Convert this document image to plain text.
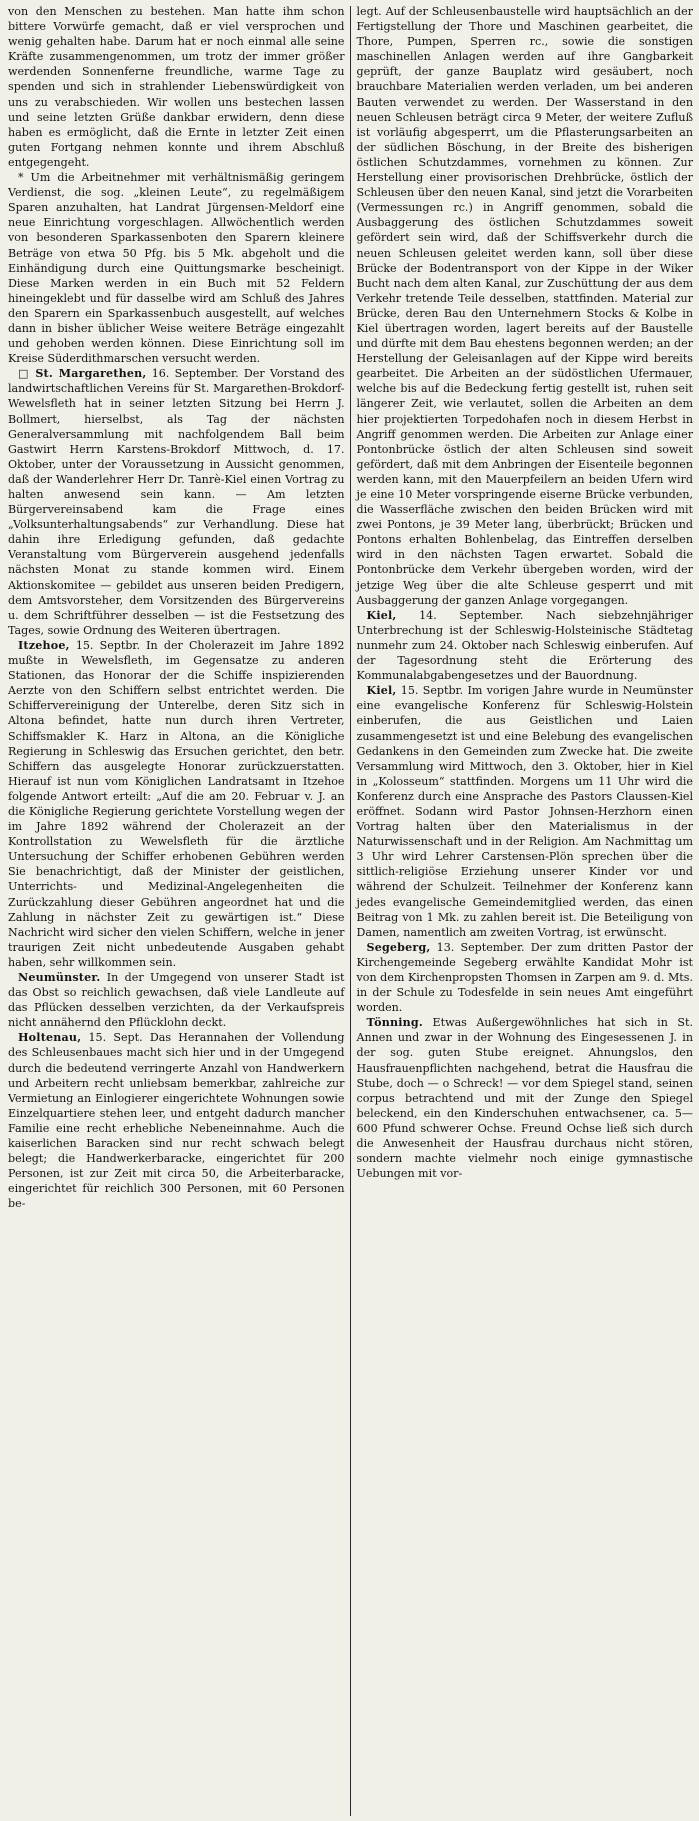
von den Menschen zu bestehen. Man hatte ihm schon bittere Vorwürfe gemacht, daß er viel versprochen und wenig gehalten habe. Darum hat er noch einmal alle seine Kräfte zusammengenommen, um trotz der immer größer werdenden Sonnenferne freundliche, warme Tage zu spenden und sich in strahlender Liebenswürdigkeit von uns zu verabschieden. Wir wollen uns bestechen lassen und seine letzten Grüße dankbar erwidern, denn diese haben es ermöglicht, daß die Ernte in letzter Zeit einen guten Fortgang nehmen konnte und ihrem Abschluß entgegengeht.

* Um die Arbeitnehmer mit verhältnismäßig geringem Verdienst, die sog. „kleinen Leute“, zu regelmäßigem Sparen anzuhalten, hat Landrat Jürgensen-Meldorf eine neue Einrichtung vorgeschlagen. Allwöchentlich werden von besonderen Sparkassenboten den Sparern kleinere Beträge von etwa 50 Pfg. bis 5 Mk. abgeholt und die Einhändigung durch eine Quittungsmarke bescheinigt. Diese Marken werden in ein Buch mit 52 Feldern hineingeklebt und für dasselbe wird am Schluß des Jahres den Sparern ein Sparkassenbuch ausgestellt, auf welches dann in bisher üblicher Weise weitere Beträge eingezahlt und gehoben werden können. Diese Einrichtung soll im Kreise Süderdithmarschen versucht werden.

□ St. Margarethen, 16. September. Der Vorstand des landwirtschaftlichen Vereins für St. Margarethen-Brokdorf-Wewelsfleth hat in seiner letzten Sitzung bei Herrn J. Bollmert, hierselbst, als Tag der nächsten Generalversammlung mit nachfolgendem Ball beim Gastwirt Herrn Karstens-Brokdorf Mittwoch, d. 17. Oktober, unter der Voraussetzung in Aussicht genommen, daß der Wanderlehrer Herr Dr. Tanrè-Kiel einen Vortrag zu halten anwesend sein kann. — Am letzten Bürgervereinsabend kam die Frage eines „Volksunterhaltungsabends“ zur Verhandlung. Diese hat dahin ihre Erledigung gefunden, daß gedachte Veranstaltung vom Bürgerverein ausgehend jedenfalls nächsten Monat zu stande kommen wird. Einem Aktionskomitee — gebildet aus unseren beiden Predigern, dem Amtsvorsteher, dem Vorsitzenden des Bürgervereins u. dem Schriftführer desselben — ist die Festsetzung des Tages, sowie Ordnung des Weiteren übertragen.

Itzehoe, 15. Septbr. In der Cholerazeit im Jahre 1892 mußte in Wewelsfleth, im Gegensatze zu anderen Stationen, das Honorar der die Schiffe inspizierenden Aerzte von den Schiffern selbst entrichtet werden. Die Schiffervereinigung der Unterelbe, deren Sitz sich in Altona befindet, hatte nun durch ihren Vertreter, Schiffsmakler K. Harz in Altona, an die Königliche Regierung in Schleswig das Ersuchen gerichtet, den betr. Schiffern das ausgelegte Honorar zurückzuerstatten. Hierauf ist nun vom Königlichen Landratsamt in Itzehoe folgende Antwort erteilt: „Auf die am 20. Februar v. J. an die Königliche Regierung gerichtete Vorstellung wegen der im Jahre 1892 während der Cholerazeit an der Kontrollstation zu Wewelsfleth für die ärztliche Untersuchung der Schiffer erhobenen Gebühren werden Sie benachrichtigt, daß der Minister der geistlichen, Unterrichts- und Medizinal-Angelegenheiten die Zurückzahlung dieser Gebühren angeordnet hat und die Zahlung in nächster Zeit zu gewärtigen ist.“ Diese Nachricht wird sicher den vielen Schiffern, welche in jener traurigen Zeit nicht unbedeutende Ausgaben gehabt haben, sehr willkommen sein.

Neumünster. In der Umgegend von unserer Stadt ist das Obst so reichlich gewachsen, daß viele Landleute auf das Pflücken desselben verzichten, da der Verkaufspreis nicht annähernd den Pflücklohn deckt.

Holtenau, 15. Sept. Das Herannahen der Vollendung des Schleusenbaues macht sich hier und in der Umgegend durch die bedeutend verringerte Anzahl von Handwerkern und Arbeitern recht unliebsam bemerkbar, zahlreiche zur Vermietung an Einlogierer eingerichtete Wohnungen sowie Einzelquartiere stehen leer, und entgeht dadurch mancher Familie eine recht erhebliche Nebeneinnahme. Auch die kaiserlichen Baracken sind nur recht schwach belegt belegt; die Handwerkerbaracke, eingerichtet für 200 Personen, ist zur Zeit mit circa 50, die Arbeiterbaracke, eingerichtet für reichlich 300 Personen, mit 60 Personen be-

legt. Auf der Schleusenbaustelle wird hauptsächlich an der Fertigstellung der Thore und Maschinen gearbeitet, die Thore, Pumpen, Sperren rc., sowie die sonstigen maschinellen Anlagen werden auf ihre Gangbarkeit geprüft, der ganze Bauplatz wird gesäubert, noch brauchbare Materialien werden verladen, um bei anderen Bauten verwendet zu werden. Der Wasserstand in den neuen Schleusen beträgt circa 9 Meter, der weitere Zufluß ist vorläufig abgesperrt, um die Pflasterungsarbeiten an der südlichen Böschung, in der Breite des bisherigen östlichen Schutzdammes, vornehmen zu können. Zur Herstellung einer provisorischen Drehbrücke, östlich der Schleusen über den neuen Kanal, sind jetzt die Vorarbeiten (Vermessungen rc.) in Angriff genommen, sobald die Ausbaggerung des östlichen Schutzdammes soweit gefördert sein wird, daß der Schiffsverkehr durch die neuen Schleusen geleitet werden kann, soll über diese Brücke der Bodentransport von der Kippe in der Wiker Bucht nach dem alten Kanal, zur Zuschüttung der aus dem Verkehr tretende Teile desselben, stattfinden. Material zur Brücke, deren Bau den Unternehmern Stocks & Kolbe in Kiel übertragen worden, lagert bereits auf der Baustelle und dürfte mit dem Bau ehestens begonnen werden; an der Herstellung der Geleisanlagen auf der Kippe wird bereits gearbeitet. Die Arbeiten an der südöstlichen Ufermauer, welche bis auf die Bedeckung fertig gestellt ist, ruhen seit längerer Zeit, wie verlautet, sollen die Arbeiten an dem hier projektierten Torpedohafen noch in diesem Herbst in Angriff genommen werden. Die Arbeiten zur Anlage einer Pontonbrücke östlich der alten Schleusen sind soweit gefördert, daß mit dem Anbringen der Eisenteile begonnen werden kann, mit den Mauerpfeilern an beiden Ufern wird je eine 10 Meter vorspringende eiserne Brücke verbunden, die Wasserfläche zwischen den beiden Brücken wird mit zwei Pontons, je 39 Meter lang, überbrückt; Brücken und Pontons erhalten Bohlenbelag, das Eintreffen derselben wird in den nächsten Tagen erwartet. Sobald die Pontonbrücke dem Verkehr übergeben worden, wird der jetzige Weg über die alte Schleuse gesperrt und mit Ausbaggerung der ganzen Anlage vorgegangen.

Kiel, 14. September. Nach siebzehnjähriger Unterbrechung ist der Schleswig-Holsteinische Städtetag nunmehr zum 24. Oktober nach Schleswig einberufen. Auf der Tagesordnung steht die Erörterung des Kommunalabgabengesetzes und der Bauordnung.

Kiel, 15. Septbr. Im vorigen Jahre wurde in Neumünster eine evangelische Konferenz für Schleswig-Holstein einberufen, die aus Geistlichen und Laien zusammengesetzt ist und eine Belebung des evangelischen Gedankens in den Gemeinden zum Zwecke hat. Die zweite Versammlung wird Mittwoch, den 3. Oktober, hier in Kiel in „Kolosseum“ stattfinden. Morgens um 11 Uhr wird die Konferenz durch eine Ansprache des Pastors Claussen-Kiel eröffnet. Sodann wird Pastor Johnsen-Herzhorn einen Vortrag halten über den Materialismus in der Naturwissenschaft und in der Religion. Am Nachmittag um 3 Uhr wird Lehrer Carstensen-Plön sprechen über die sittlich-religiöse Erziehung unserer Kinder vor und während der Schulzeit. Teilnehmer der Konferenz kann jedes evangelische Gemeindemitglied werden, das einen Beitrag von 1 Mk. zu zahlen bereit ist. Die Beteiligung von Damen, namentlich am zweiten Vortrag, ist erwünscht.

Segeberg, 13. September. Der zum dritten Pastor der Kirchengemeinde Segeberg erwählte Kandidat Mohr ist von dem Kirchenpropsten Thomsen in Zarpen am 9. d. Mts. in der Schule zu Todesfelde in sein neues Amt eingeführt worden.

Tönning. Etwas Außergewöhnliches hat sich in St. Annen und zwar in der Wohnung des Eingesessenen J. in der sog. guten Stube ereignet. Ahnungslos, den Hausfrauenpflichten nachgehend, betrat die Hausfrau die Stube, doch — o Schreck! — vor dem Spiegel stand, seinen corpus betrachtend und mit der Zunge den Spiegel beleckend, ein den Kinderschuhen entwachsener, ca. 5—600 Pfund schwerer Ochse. Freund Ochse ließ sich durch die Anwesenheit der Hausfrau durchaus nicht stören, sondern machte vielmehr noch einige gymnastische Uebungen mit vor-
